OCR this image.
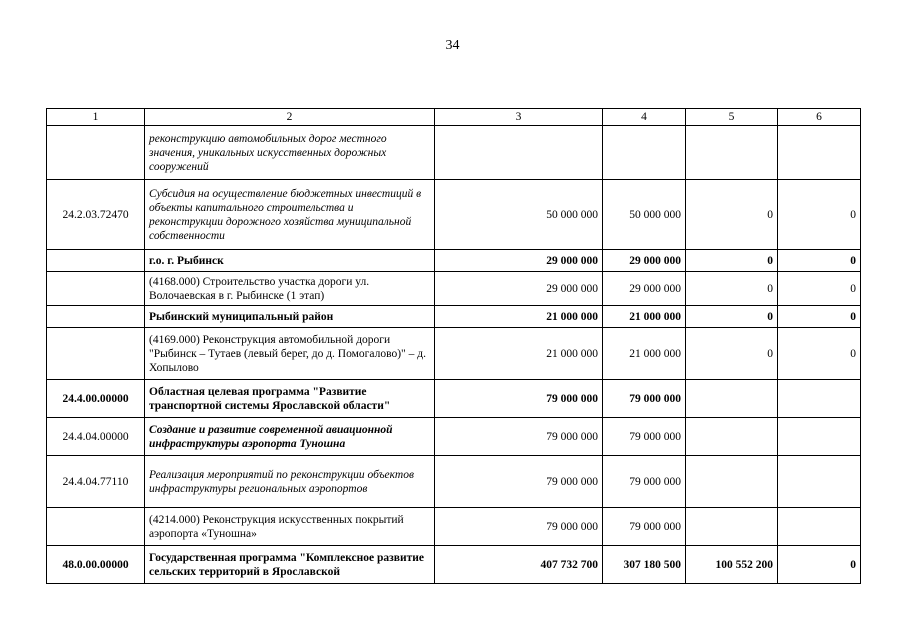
34
1	2	3	4	5	6
	реконструкцию автомобильных дорог местного значения, уникальных искусственных дорожных сооружений				
24.2.03.72470	Субсидия на осуществление бюджетных инвестиций в объекты капитального строительства и реконструкции дорожного хозяйства муниципальной собственности	50 000 000	50 000 000	0	0
	г.о. г. Рыбинск	29 000 000	29 000 000	0	0
	(4168.000) Строительство участка дороги ул. Волочаевская в г. Рыбинске (1 этап)	29 000 000	29 000 000	0	0
	Рыбинский муниципальный район	21 000 000	21 000 000	0	0
	(4169.000) Реконструкция автомобильной дороги "Рыбинск – Тутаев (левый берег, до д. Помогалово)" – д. Хопылово	21 000 000	21 000 000	0	0
24.4.00.00000	Областная целевая программа "Развитие транспортной системы Ярославской области"	79 000 000	79 000 000		
24.4.04.00000	Создание и развитие современной авиационной инфраструктуры аэропорта Туношна	79 000 000	79 000 000		
24.4.04.77110	Реализация мероприятий по реконструкции объектов инфраструктуры региональных аэропортов	79 000 000	79 000 000		
	(4214.000) Реконструкция искусственных покрытий аэропорта «Туношна»	79 000 000	79 000 000		
48.0.00.00000	Государственная программа "Комплексное развитие сельских территорий в Ярославской	407 732 700	307 180 500	100 552 200	0
